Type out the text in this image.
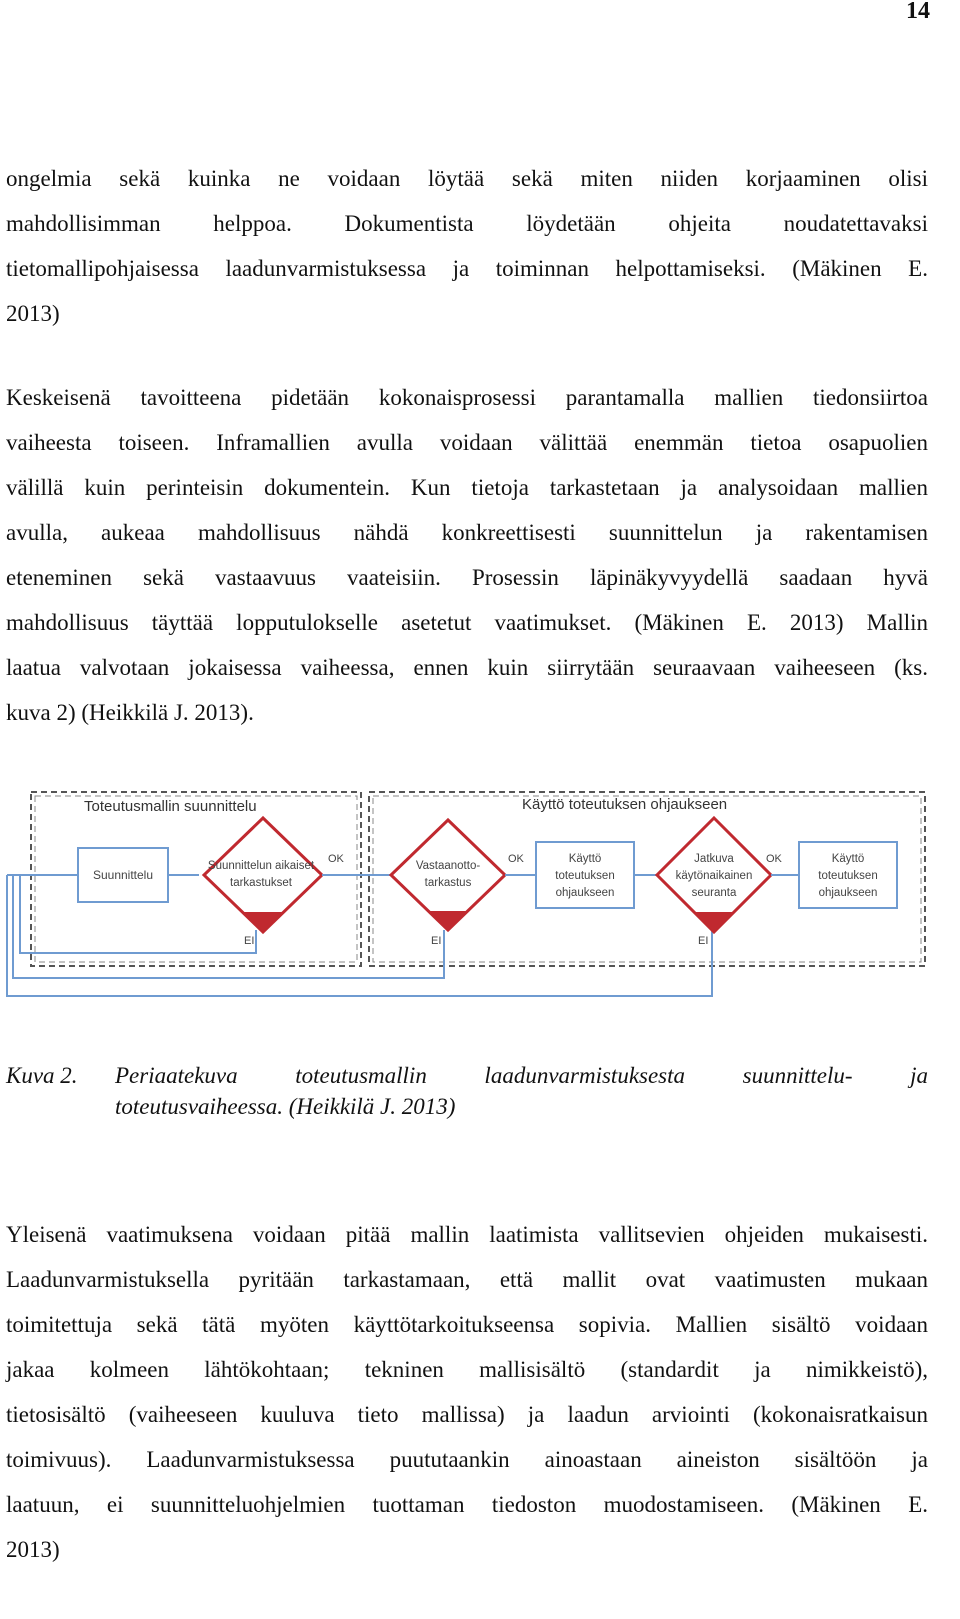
14
ongelmia sekä kuinka ne voidaan löytää sekä miten niiden korjaaminen olisi
mahdollisimman helppoa. Dokumentista löydetään ohjeita noudatettavaksi
tietomallipohjaisessa laadunvarmistuksessa ja toiminnan helpottamiseksi. (Mäkinen E.
2013)
Keskeisenä tavoitteena pidetään kokonaisprosessi parantamalla mallien tiedonsiirtoa
vaiheesta toiseen. Inframallien avulla voidaan välittää enemmän tietoa osapuolien
välillä kuin perinteisin dokumentein. Kun tietoja tarkastetaan ja analysoidaan mallien
avulla, aukeaa mahdollisuus nähdä konkreettisesti suunnittelun ja rakentamisen
eteneminen sekä vastaavuus vaateisiin. Prosessin läpinäkyvyydellä saadaan hyvä
mahdollisuus täyttää lopputulokselle asetetut vaatimukset. (Mäkinen E. 2013) Mallin
laatua valvotaan jokaisessa vaiheessa, ennen kuin siirrytään seuraavaan vaiheeseen (ks.
kuva 2) (Heikkilä J. 2013).
Toteutusmallin suunnittelu	Käyttö toteutuksen ohjaukseen
Suunnittelu
Suunnittelun aikaiset
tarkastukset
OK
EI
Vastaanotto-
tarkastus
OK
EI
Käyttö
toteutuksen
ohjaukseen
Jatkuva
käytönaikainen
seuranta
OK
EI
Käyttö
toteutuksen
ohjaukseen
Kuva 2. Periaatekuva toteutusmallin laadunvarmistuksesta suunnittelu- ja
toteutusvaiheessa. (Heikkilä J. 2013)
Yleisenä vaatimuksena voidaan pitää mallin laatimista vallitsevien ohjeiden mukaisesti.
Laadunvarmistuksella pyritään tarkastamaan, että mallit ovat vaatimusten mukaan
toimitettuja sekä tätä myöten käyttötarkoitukseensa sopivia. Mallien sisältö voidaan
jakaa kolmeen lähtökohtaan; tekninen mallisisältö (standardit ja nimikkeistö),
tietosisältö (vaiheeseen kuuluva tieto mallissa) ja laadun arviointi (kokonaisratkaisun
toimivuus). Laadunvarmistuksessa puututaankin ainoastaan aineiston sisältöön ja
laatuun, ei suunnitteluohjelmien tuottaman tiedoston muodostamiseen. (Mäkinen E.
2013)
